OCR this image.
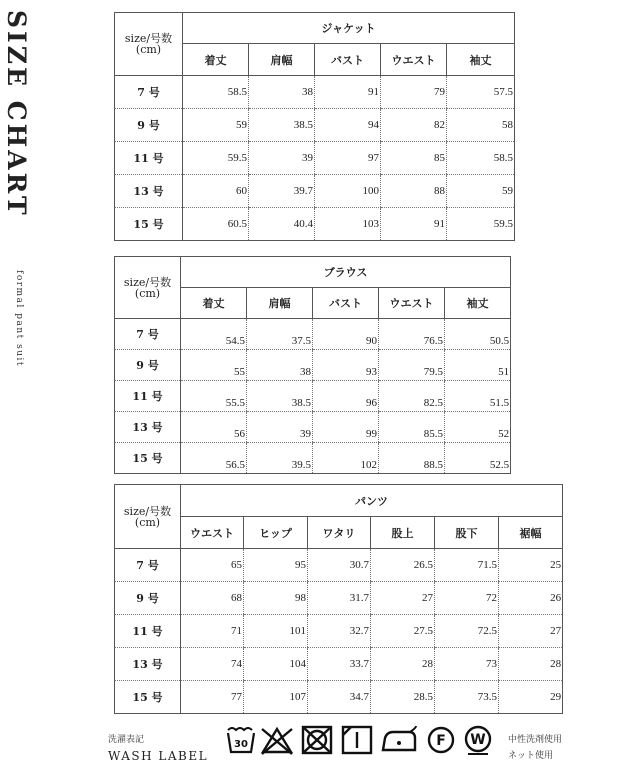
SIZE CHART
formal pant suit
size/号数
(cm)	ジャケット				
	着丈	肩幅	バスト	ウエスト	袖丈
7 号	58.5	38	91	79	57.5
9 号	59	38.5	94	82	58
11 号	59.5	39	97	85	58.5
13 号	60	39.7	100	88	59
15 号	60.5	40.4	103	91	59.5
size/号数
(cm)	ブラウス				
	着丈	肩幅	バスト	ウエスト	袖丈
7 号	54.5	37.5	90	76.5	50.5
9 号	55	38	93	79.5	51
11 号	55.5	38.5	96	82.5	51.5
13 号	56	39	99	85.5	52
15 号	56.5	39.5	102	88.5	52.5
size/号数
(cm)	パンツ					
	ウエスト	ヒップ	ワタリ	股上	股下	裾幅
7 号	65	95	30.7	26.5	71.5	25
9 号	68	98	31.7	27	72	26
11 号	71	101	32.7	27.5	72.5	27
13 号	74	104	33.7	28	73	28
15 号	77	107	34.7	28.5	73.5	29
洗濯表記
WASH LABEL
30	F W 中性洗剤使用
ネット使用
